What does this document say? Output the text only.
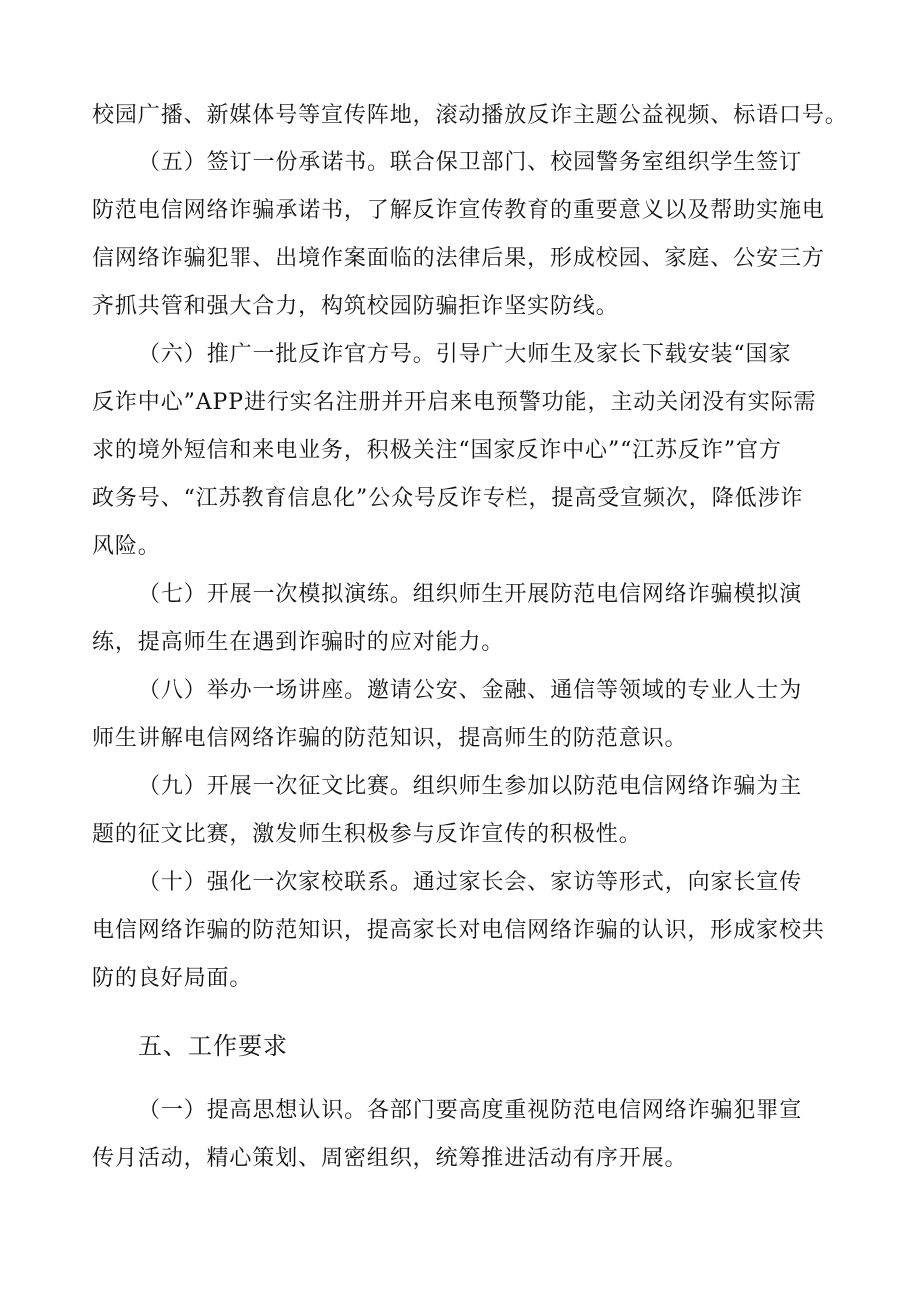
校园广播、新媒体号等宣传阵地，滚动播放反诈主题公益视频、标语口号。
（五）签订一份承诺书。联合保卫部门、校园警务室组织学生签订
防范电信网络诈骗承诺书，了解反诈宣传教育的重要意义以及帮助实施电
信网络诈骗犯罪、出境作案面临的法律后果，形成校园、家庭、公安三方
齐抓共管和强大合力，构筑校园防骗拒诈坚实防线。
（六）推广一批反诈官方号。引导广大师生及家长下载安装“国家
反诈中心”APP进行实名注册并开启来电预警功能，主动关闭没有实际需
求的境外短信和来电业务，积极关注“国家反诈中心”“江苏反诈”官方
政务号、“江苏教育信息化”公众号反诈专栏，提高受宣频次，降低涉诈
风险。
（七）开展一次模拟演练。组织师生开展防范电信网络诈骗模拟演
练，提高师生在遇到诈骗时的应对能力。
（八）举办一场讲座。邀请公安、金融、通信等领域的专业人士为
师生讲解电信网络诈骗的防范知识，提高师生的防范意识。
（九）开展一次征文比赛。组织师生参加以防范电信网络诈骗为主
题的征文比赛，激发师生积极参与反诈宣传的积极性。
（十）强化一次家校联系。通过家长会、家访等形式，向家长宣传
电信网络诈骗的防范知识，提高家长对电信网络诈骗的认识，形成家校共
防的良好局面。
五、工作要求
（一）提高思想认识。各部门要高度重视防范电信网络诈骗犯罪宣
传月活动，精心策划、周密组织，统筹推进活动有序开展。
